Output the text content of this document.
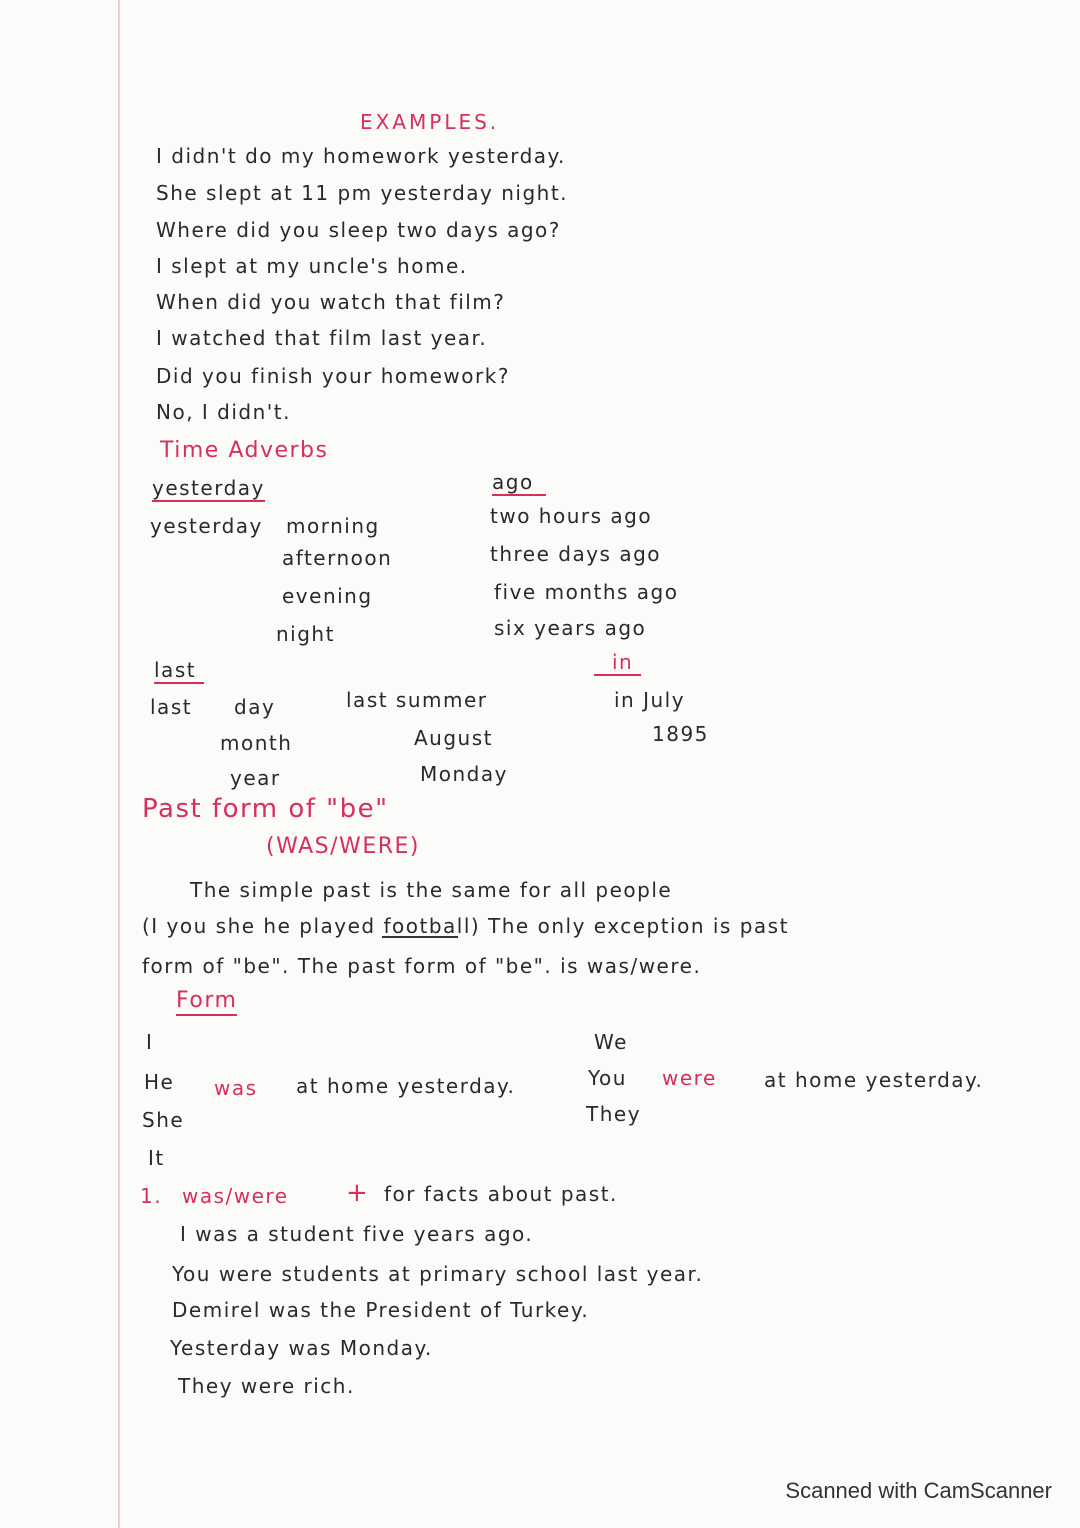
EXAMPLES.
I didn't do my homework yesterday.
She slept at 11 pm yesterday night.
Where did you sleep two days ago?
I slept at my uncle's home.
When did you watch that film?
I watched that film last year.
Did you finish your homework?
No, I didn't.
Time Adverbs
yesterday
yesterday morning
afternoon
evening
night
ago
two hours ago
three days ago
five months ago
six years ago
last
last day
month
year
last summer
in
in July
1895
August
Monday
Past form of "be"
(WAS/WERE)
The simple past is the same for all people
(I you she he played football) The only exception is past
form of "be". The past form of "be". is was/were.
Form
I
He
She
It
was at home yesterday.
We
You
They
were at home yesterday.
1. was/were + for facts about past.
I was a student five years ago.
You were students at primary school last year.
Demirel was the President of Turkey.
Yesterday was Monday.
They were rich.
Scanned with CamScanner
